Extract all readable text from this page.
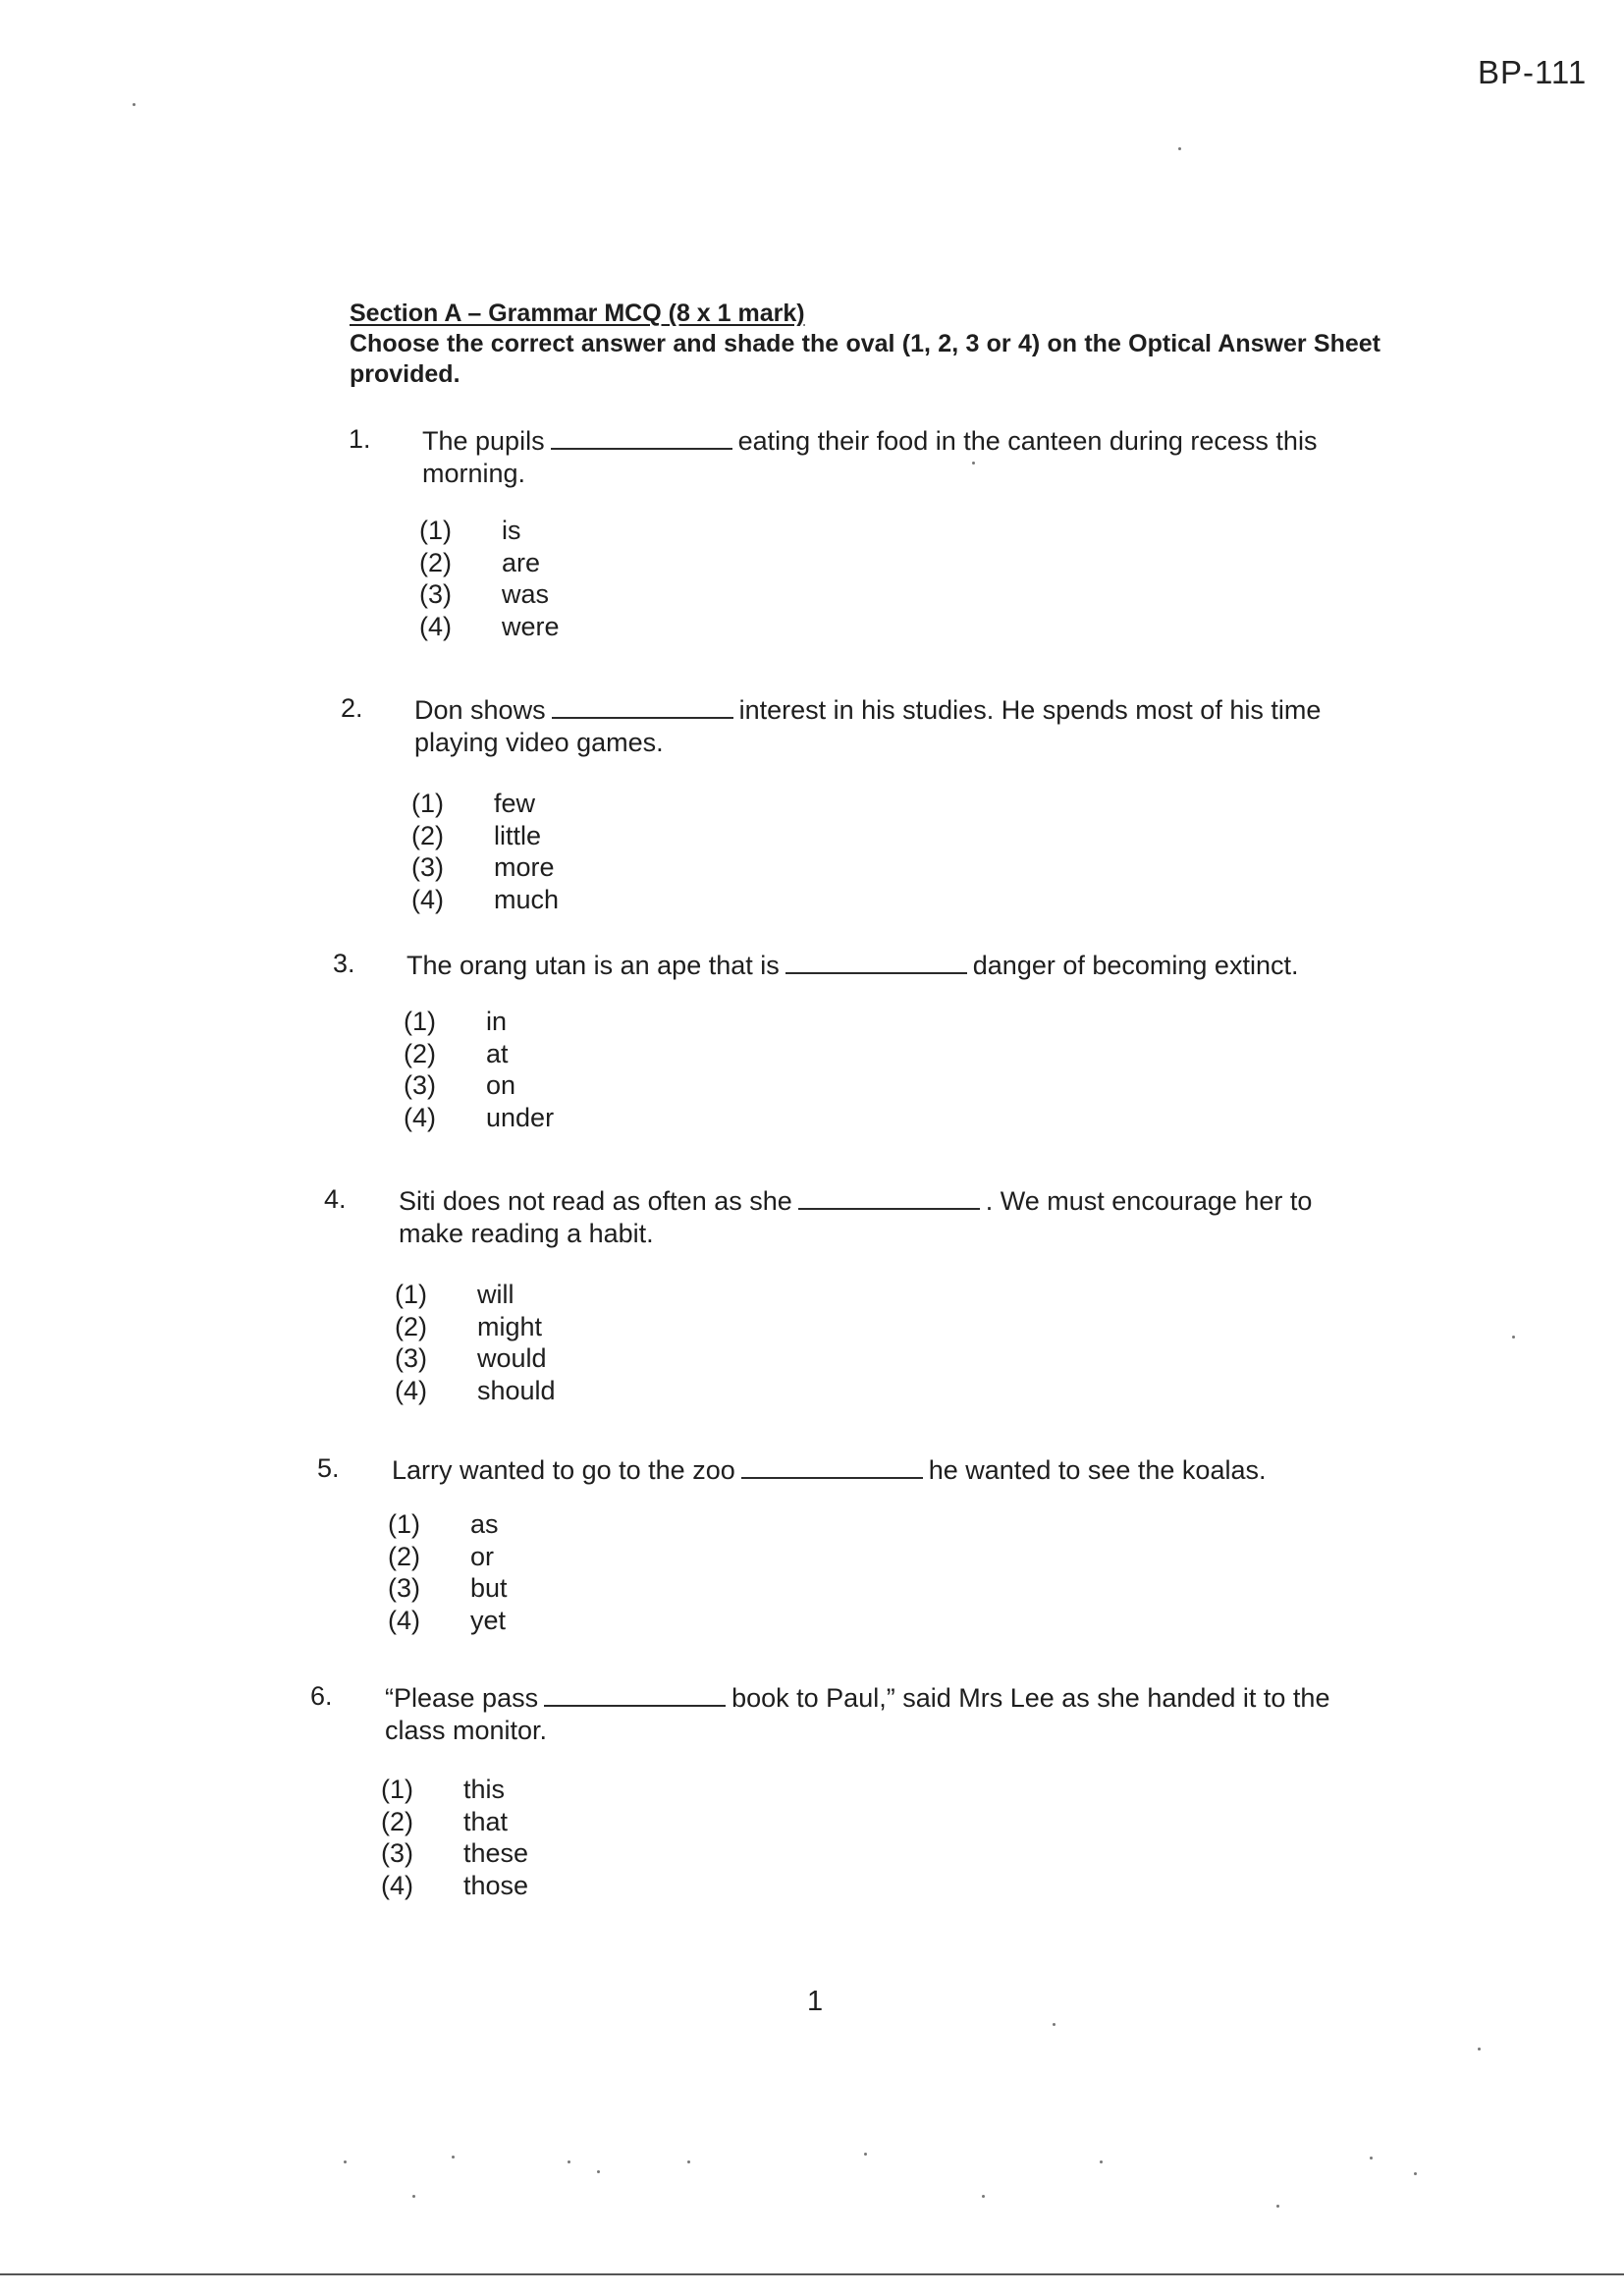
BP-111
Section A – Grammar MCQ (8 x 1 mark)
Choose the correct answer and shade the oval (1, 2, 3 or 4) on the Optical Answer Sheet provided.
1. The pupils	eating their food in the canteen during recess this morning.
(1) is
(2) are
(3) was
(4) were
2. Don shows	interest in his studies. He spends most of his time playing video games.
(1) few
(2) little
(3) more
(4) much
3. The orang utan is an ape that is	danger of becoming extinct.
(1) in
(2) at
(3) on
(4) under
4. Siti does not read as often as she	. We must encourage her to make reading a habit.
(1) will
(2) might
(3) would
(4) should
5. Larry wanted to go to the zoo	he wanted to see the koalas.
(1) as
(2) or
(3) but
(4) yet
6. “Please pass	book to Paul,” said Mrs Lee as she handed it to the class monitor.
(1) this
(2) that
(3) these
(4) those
1
